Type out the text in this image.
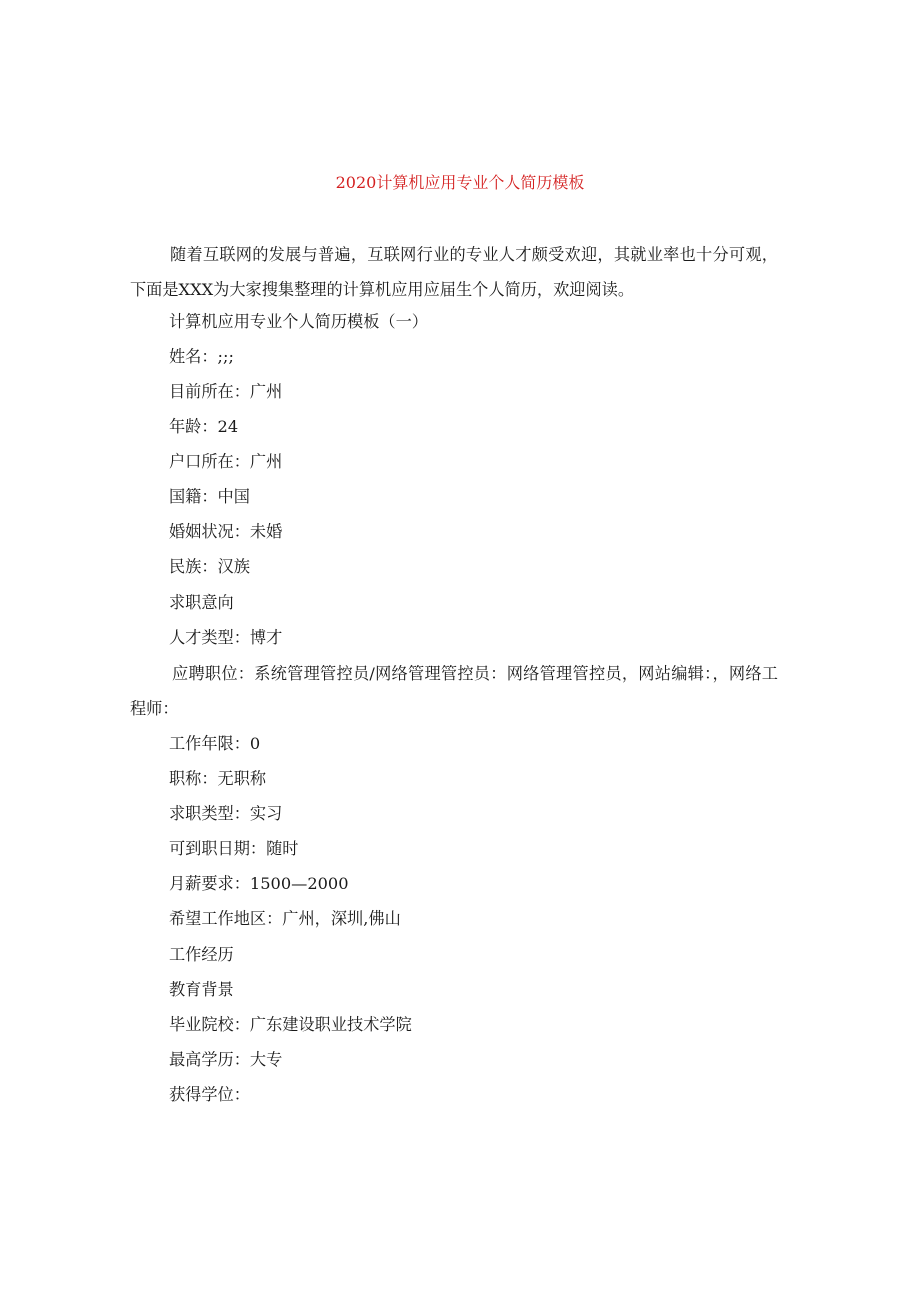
2020计算机应用专业个人简历模板
随着互联网的发展与普遍，互联网行业的专业人才颇受欢迎，其就业率也十分可观，下面是XXX为大家搜集整理的计算机应用应届生个人简历，欢迎阅读。
计算机应用专业个人简历模板（一）
姓名：;;;
目前所在：广州
年龄：24
户口所在：广州
国籍：中国
婚姻状况：未婚
民族：汉族
求职意向
人才类型：博才
应聘职位：系统管理管控员/网络管理管控员：网络管理管控员，网站编辑：，网络工程师：
工作年限：0
职称：无职称
求职类型：实习
可到职日期：随时
月薪要求：1500—2000
希望工作地区：广州，深圳,佛山
工作经历
教育背景
毕业院校：广东建设职业技术学院
最高学历：大专
获得学位：
